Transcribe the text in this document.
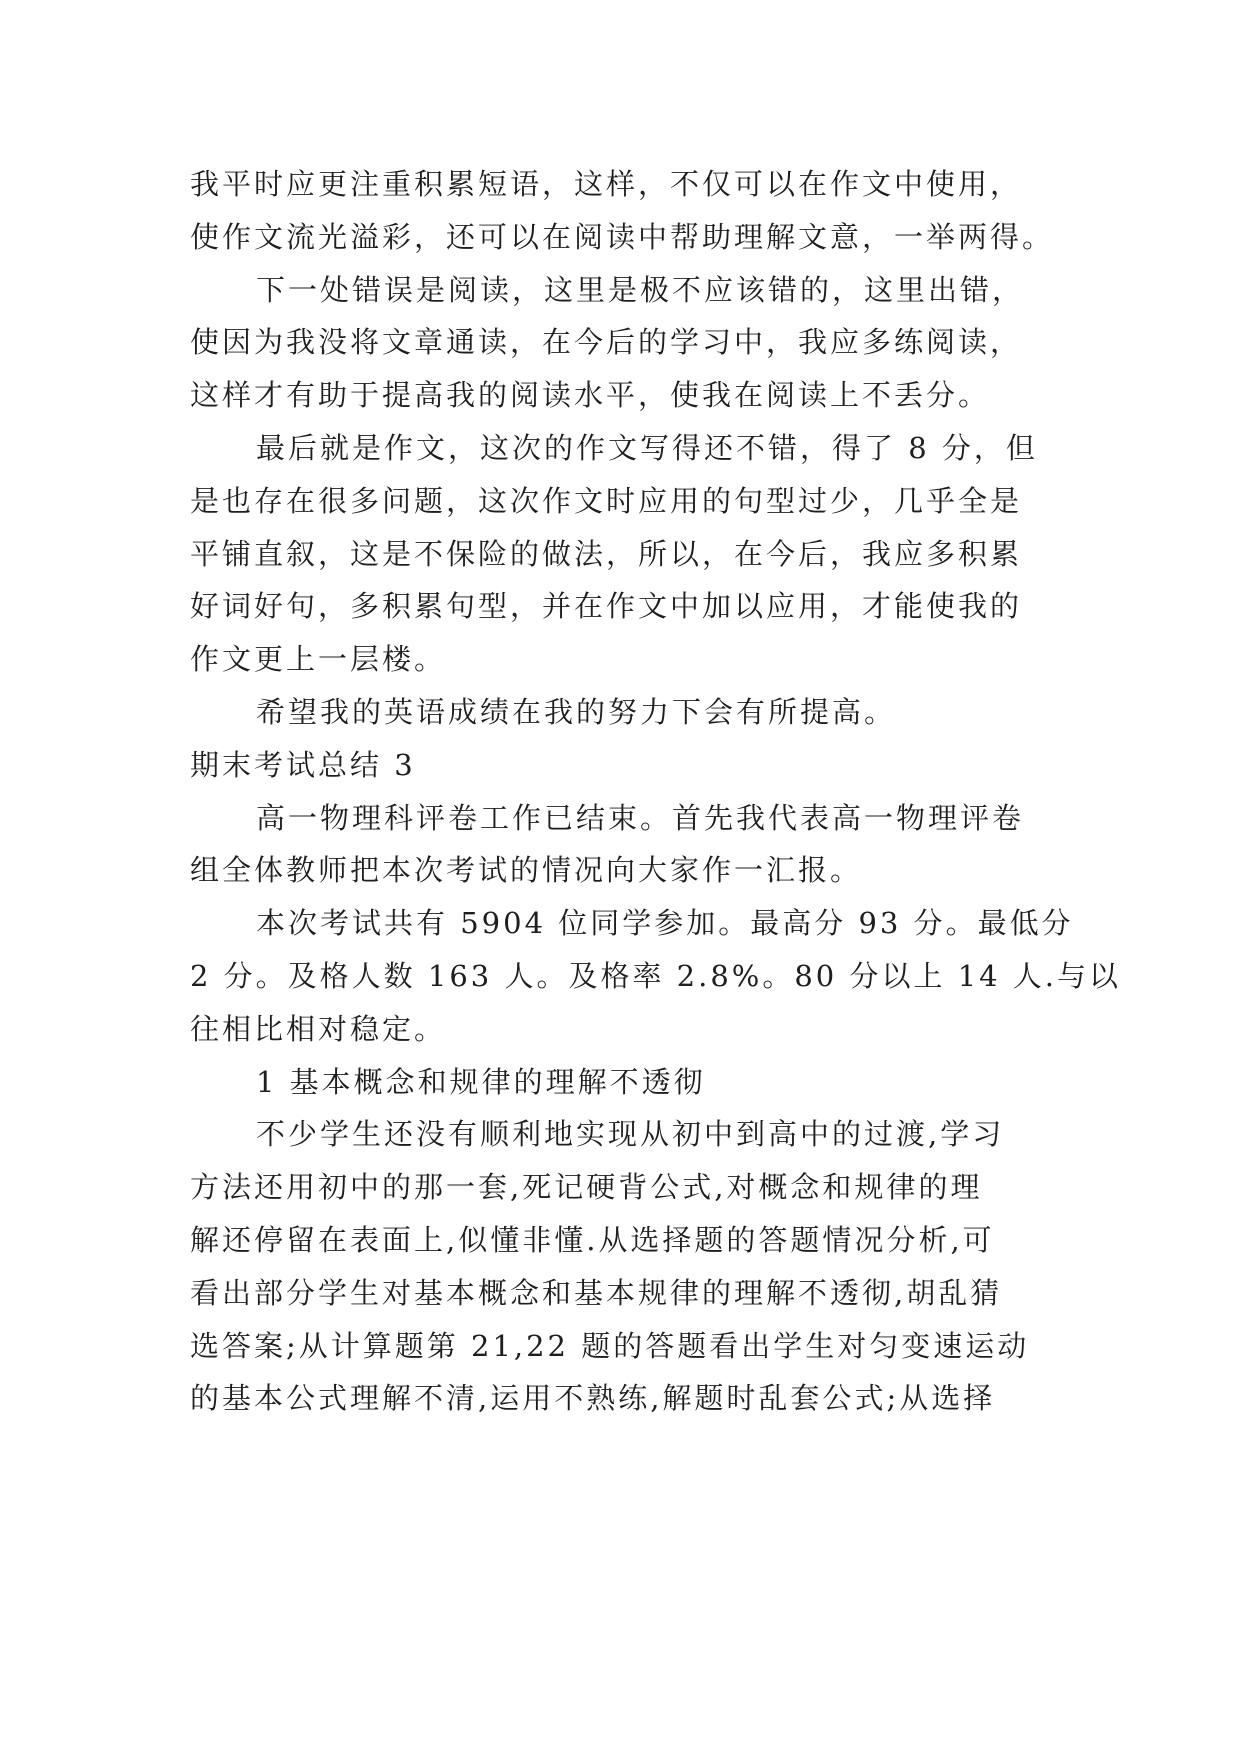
我平时应更注重积累短语，这样，不仅可以在作文中使用，
使作文流光溢彩，还可以在阅读中帮助理解文意，一举两得。
下一处错误是阅读，这里是极不应该错的，这里出错，
使因为我没将文章通读，在今后的学习中，我应多练阅读，
这样才有助于提高我的阅读水平，使我在阅读上不丢分。
最后就是作文，这次的作文写得还不错，得了 8 分，但
是也存在很多问题，这次作文时应用的句型过少，几乎全是
平铺直叙，这是不保险的做法，所以，在今后，我应多积累
好词好句，多积累句型，并在作文中加以应用，才能使我的
作文更上一层楼。
希望我的英语成绩在我的努力下会有所提高。
期末考试总结 3
高一物理科评卷工作已结束。首先我代表高一物理评卷
组全体教师把本次考试的情况向大家作一汇报。
本次考试共有 5904 位同学参加。最高分 93 分。最低分
2 分。及格人数 163 人。及格率 2.8%。80 分以上 14 人.与以
往相比相对稳定。
1 基本概念和规律的理解不透彻
不少学生还没有顺利地实现从初中到高中的过渡,学习
方法还用初中的那一套,死记硬背公式,对概念和规律的理
解还停留在表面上,似懂非懂.从选择题的答题情况分析,可
看出部分学生对基本概念和基本规律的理解不透彻,胡乱猜
选答案;从计算题第 21,22 题的答题看出学生对匀变速运动
的基本公式理解不清,运用不熟练,解题时乱套公式;从选择
